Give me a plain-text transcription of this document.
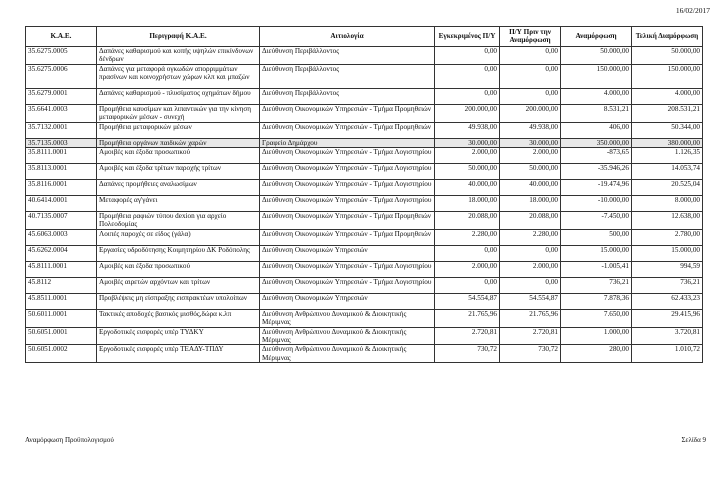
16/02/2017
Κ.Α.Ε.	Περιγραφή Κ.Α.Ε.	Αιτιολογία	Εγκεκριμένος Π/Υ	Π/Υ Πριν την Αναμόρφωση	Αναμόρφωση	Τελική Διαμόρφωση
35.6275.0005	Δαπάνες καθαρισμού και κοπής υψηλών επικίνδυνων δένδρων	Διεύθυνση Περιβάλλοντος	0,00	0,00	50.000,00	50.000,00
35.6275.0006	Δαπάνες για μεταφορά ογκωδών απορριμμάτων πρασίνων και κοινοχρήστων χώρων κλπ και μπαζών	Διεύθυνση Περιβάλλοντος	0,00	0,00	150.000,00	150.000,00
35.6279.0001	Δαπάνες καθαρισμού - πλυσίματος οχημάτων δήμου	Διεύθυνση Περιβάλλοντος	0,00	0,00	4.000,00	4.000,00
35.6641.0003	Προμήθεια καυσίμων και λιπαντικών για την κίνηση μεταφορικών μέσων - συνεχή	Διεύθυνση Οικονομικών Υπηρεσιών - Τμήμα Προμηθειών	200.000,00	200.000,00	8.531,21	208.531,21
35.7132.0001	Προμήθεια μεταφορικών μέσων	Διεύθυνση Οικονομικών Υπηρεσιών - Τμήμα Προμηθειών	49.938,00	49.938,00	406,00	50.344,00
35.7135.0003	Προμήθεια οργάνων παιδικών χαρών	Γραφείο Δημάρχου	30.000,00	30.000,00	350.000,00	380.000,00
35.8111.0001	Αμοιβές και έξοδα προσωπικού	Διεύθυνση Οικονομικών Υπηρεσιών - Τμήμα Λογιστηρίου	2.000,00	2.000,00	-873,65	1.126,35
35.8113.0001	Αμοιβές και έξοδα τρίτων παροχής τρίτων	Διεύθυνση Οικονομικών Υπηρεσιών - Τμήμα Λογιστηρίου	50.000,00	50.000,00	-35.946,26	14.053,74
35.8116.0001	Δαπάνες προμήθειες αναλωσίμων	Διεύθυνση Οικονομικών Υπηρεσιών - Τμήμα Λογιστηρίου	40.000,00	40.000,00	-19.474,96	20.525,04
40.6414.0001	Μεταφορές αγ'γάνει	Διεύθυνση Οικονομικών Υπηρεσιών - Τμήμα Λογιστηρίου	18.000,00	18.000,00	-10.000,00	8.000,00
40.7135.0007	Προμήθεια ραφιών τύπου dexion για αρχείο Πολεοδομίας	Διεύθυνση Οικονομικών Υπηρεσιών - Τμήμα Προμηθειών	20.088,00	20.088,00	-7.450,00	12.638,00
45.6063.0003	Λοιπές παροχές σε είδος (γάλα)	Διεύθυνση Οικονομικών Υπηρεσιών - Τμήμα Προμηθειών	2.280,00	2.280,00	500,00	2.780,00
45.6262.0004	Εργασίες υδροδότησης Κοιμητηρίου ΔΚ Ροδόπολης	Διεύθυνση Οικονομικών Υπηρεσιών	0,00	0,00	15.000,00	15.000,00
45.8111.0001	Αμοιβές και έξοδα προσωπικού	Διεύθυνση Οικονομικών Υπηρεσιών - Τμήμα Λογιστηρίου	2.000,00	2.000,00	-1.005,41	994,59
45.8112	Αμοιβές αιρετών αρχόντων και τρίτων	Διεύθυνση Οικονομικών Υπηρεσιών - Τμήμα Λογιστηρίου	0,00	0,00	736,21	736,21
45.8511.0001	Προβλέψεις μη είσπραξης εισπρακτέων υπολοίπων	Διεύθυνση Οικονομικών Υπηρεσιών	54.554,87	54.554,87	7.878,36	62.433,23
50.6011.0001	Τακτικές αποδοχές βασικός μισθός,δώρα κ.λπ	Διεύθυνση Ανθρώπινου Δυναμικού & Διοικητικής Μέριμνας	21.765,96	21.765,96	7.650,00	29.415,96
50.6051.0001	Εργοδοτικές εισφορές υπέρ ΤΥΔΚΥ	Διεύθυνση Ανθρώπινου Δυναμικού & Διοικητικής Μέριμνας	2.720,81	2.720,81	1.000,00	3.720,81
50.6051.0002	Εργοδοτικές εισφορές υπέρ ΤΕΑΔΥ-ΤΠΔΥ	Διεύθυνση Ανθρώπινου Δυναμικού & Διοικητικής Μέριμνας	730,72	730,72	280,00	1.010,72
Αναμόρφωση Προϋπολογισμού	Σελίδα 9
